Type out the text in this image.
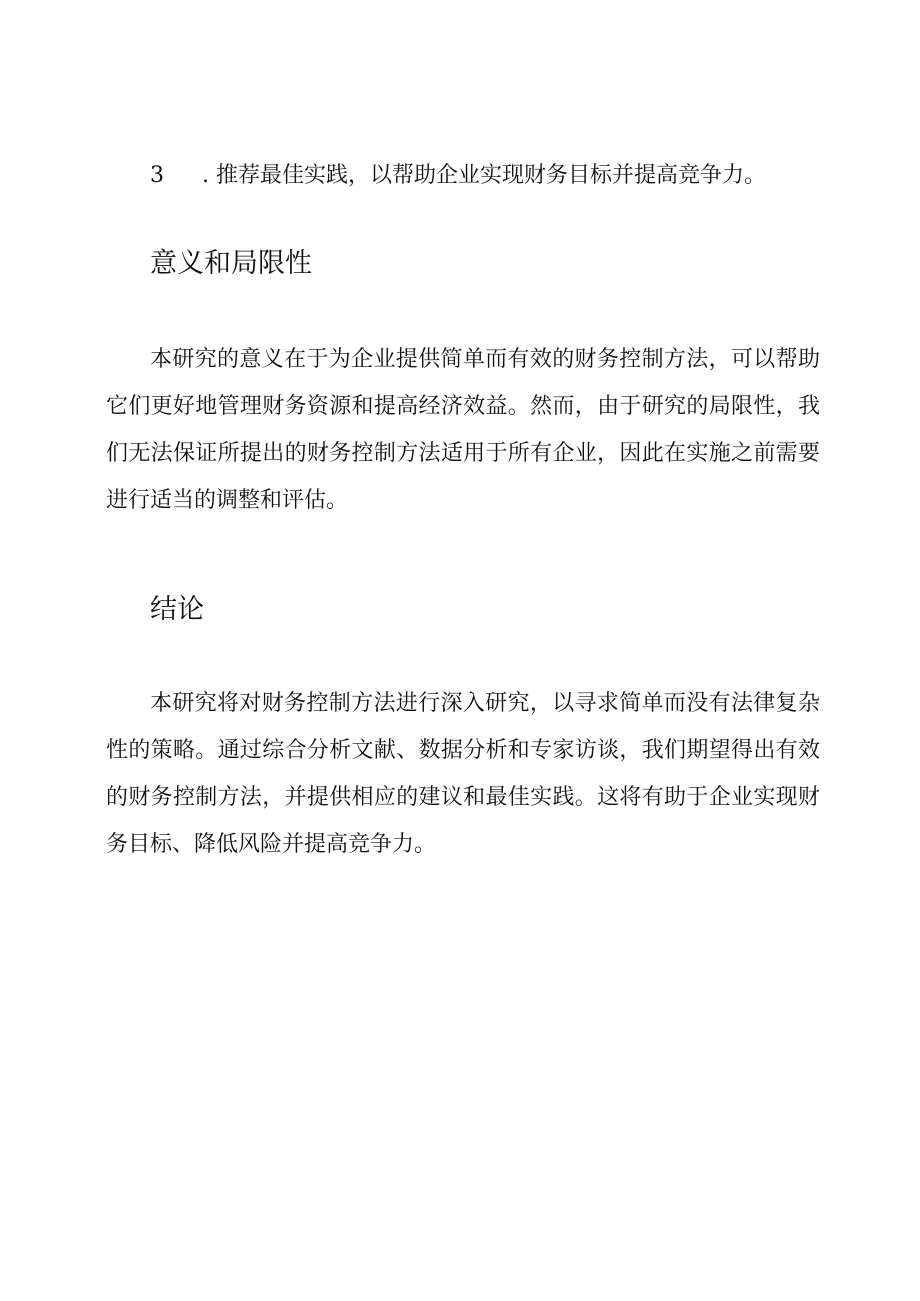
3 . 推荐最佳实践，以帮助企业实现财务目标并提高竞争力。
意义和局限性

本研究的意义在于为企业提供简单而有效的财务控制方法，可以帮助它们更好地管理财务资源和提高经济效益。然而，由于研究的局限性，我们无法保证所提出的财务控制方法适用于所有企业，因此在实施之前需要进行适当的调整和评估。

结论

本研究将对财务控制方法进行深入研究，以寻求简单而没有法律复杂性的策略。通过综合分析文献、数据分析和专家访谈，我们期望得出有效的财务控制方法，并提供相应的建议和最佳实践。这将有助于企业实现财务目标、降低风险并提高竞争力。
